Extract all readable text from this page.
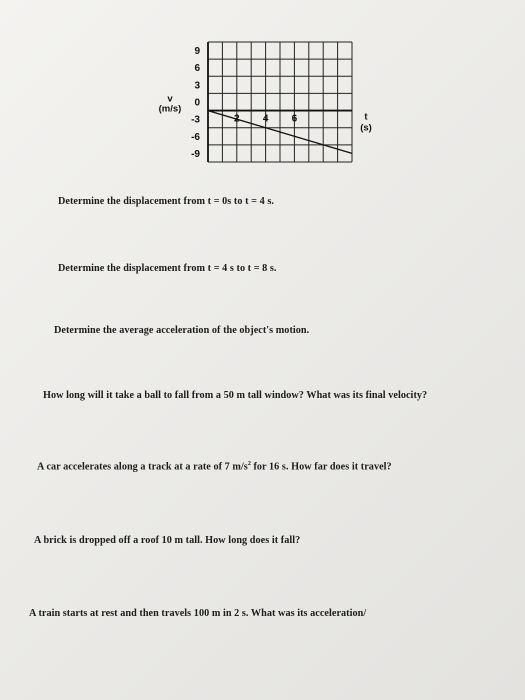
9
6
3
0
-3
-6
-9
2 4 6
v
(m/s)
t
(s)
Determine the displacement from t = 0s to t = 4 s.
Determine the displacement from t = 4 s to t = 8 s.
Determine the average acceleration of the object's motion.
How long will it take a ball to fall from a 50 m tall window? What was its final velocity?
A car accelerates along a track at a rate of 7 $m/s^2$ for 16 s. How far does it travel?
A brick is dropped off a roof 10 m tall. How long does it fall?
A train starts at rest and then travels 100 m in 2 s. What was its acceleration/
